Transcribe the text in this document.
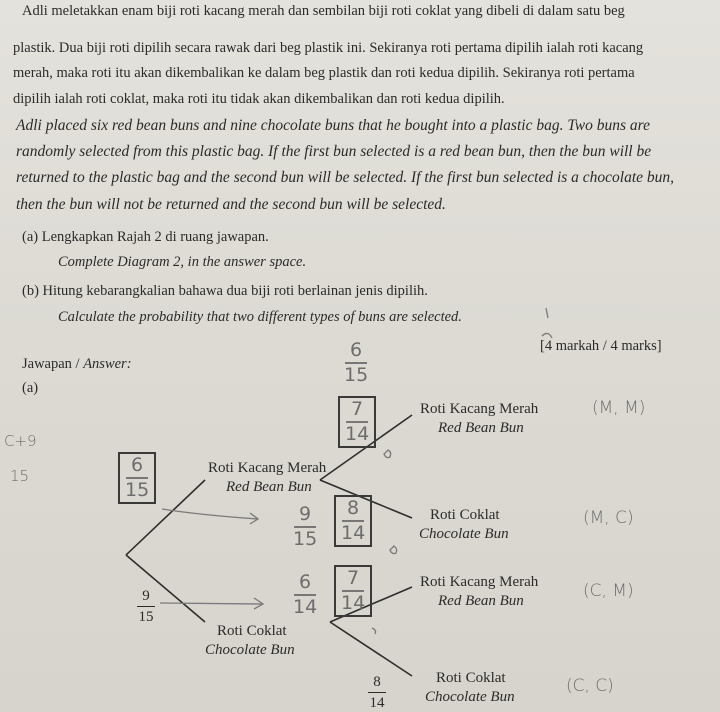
Adli meletakkan enam biji roti kacang merah dan sembilan biji roti coklat yang dibeli di dalam satu beg
plastik. Dua biji roti dipilih secara rawak dari beg plastik ini. Sekiranya roti pertama dipilih ialah roti kacang
merah, maka roti itu akan dikembalikan ke dalam beg plastik dan roti kedua dipilih. Sekiranya roti pertama
dipilih ialah roti coklat, maka roti itu tidak akan dikembalikan dan roti kedua dipilih.
Adli placed six red bean buns and nine chocolate buns that he bought into a plastic bag. Two buns are
randomly selected from this plastic bag. If the first bun selected is a red bean bun, then the bun will be
returned to the plastic bag and the second bun will be selected. If the first bun selected is a chocolate bun,
then the bun will not be returned and the second bun will be selected.
(a) Lengkapkan Rajah 2 di ruang jawapan.
Complete Diagram 2, in the answer space.
(b) Hitung kebarangkalian bahawa dua biji roti berlainan jenis dipilih.
Calculate the probability that two different types of buns are selected.
[4 markah / 4 marks]
Jawapan / Answer:
(a)
6
15
C+9
15	6
15
7
14
8
14
7
14
9
15
6
14
9
15
8
14
Roti Kacang Merah
Red Bean Bun
Roti Coklat
Chocolate Bun
Roti Kacang Merah
Red Bean Bun
Roti Coklat
Chocolate Bun
Roti Kacang Merah
Red Bean Bun
Roti Coklat
Chocolate Bun
(M, M)
(M, C)
(C, M)
(C, C)
